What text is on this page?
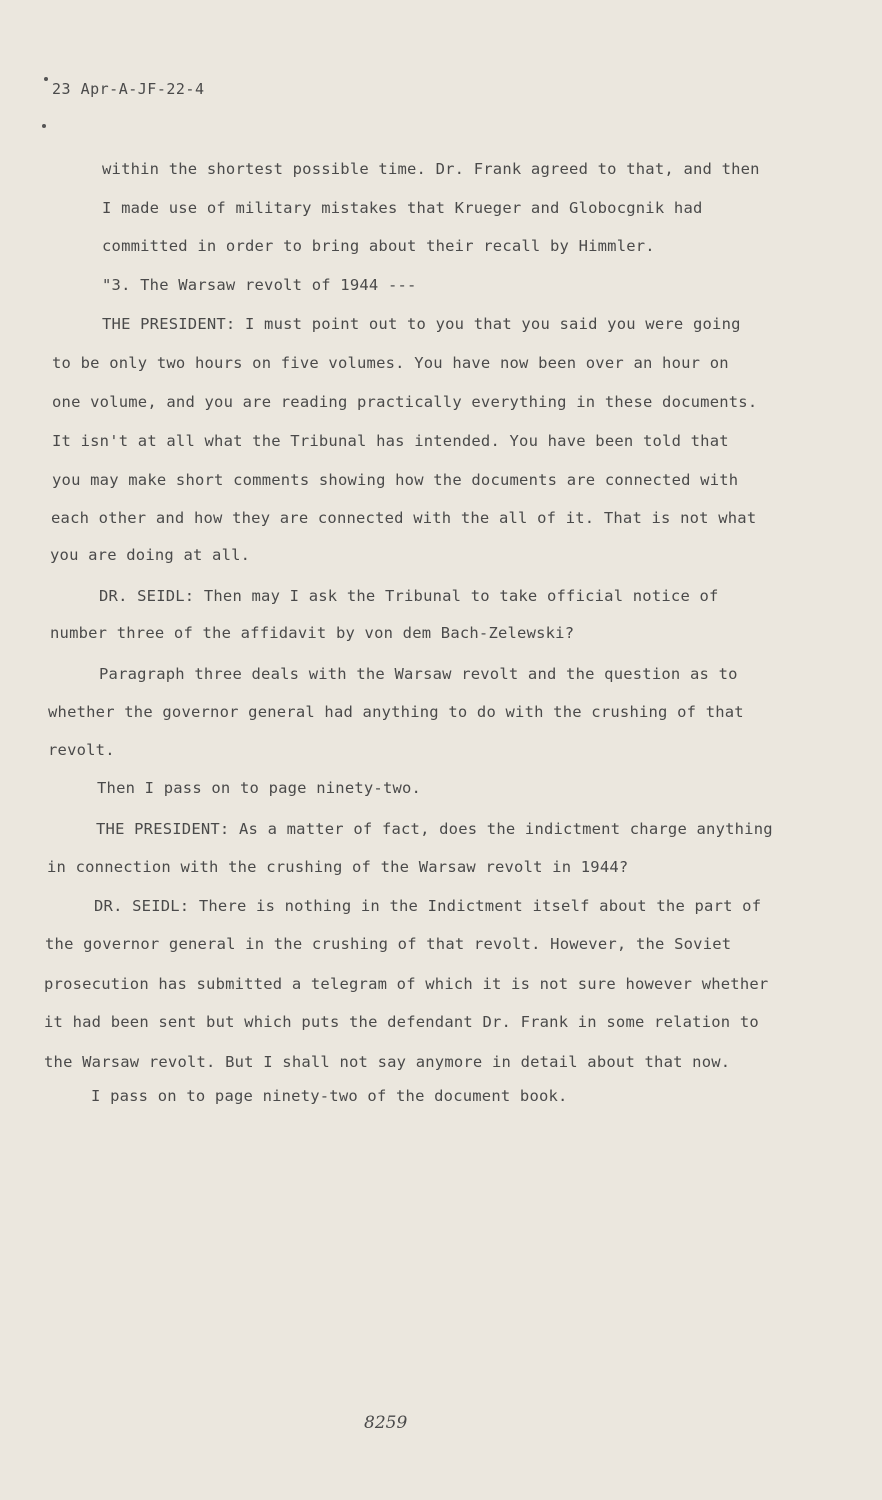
23 Apr-A-JF-22-4
within the shortest possible time. Dr. Frank agreed to that, and then
I made use of military mistakes that Krueger and Globocgnik had
committed in order to bring about their recall by Himmler.
"3. The Warsaw revolt of 1944 ---
THE PRESIDENT: I must point out to you that you said you were going
to be only two hours on five volumes. You have now been over an hour on
one volume, and you are reading practically everything in these documents.
It isn't at all what the Tribunal has intended. You have been told that
you may make short comments showing how the documents are connected with
each other and how they are connected with the all of it. That is not what
you are doing at all.
DR. SEIDL: Then may I ask the Tribunal to take official notice of
number three of the affidavit by von dem Bach-Zelewski?
Paragraph three deals with the Warsaw revolt and the question as to
whether the governor general had anything to do with the crushing of that
revolt.
Then I pass on to page ninety-two.
THE PRESIDENT: As a matter of fact, does the indictment charge anything
in connection with the crushing of the Warsaw revolt in 1944?
DR. SEIDL: There is nothing in the Indictment itself about the part of
the governor general in the crushing of that revolt. However, the Soviet
prosecution has submitted a telegram of which it is not sure however whether
it had been sent but which puts the defendant Dr. Frank in some relation to
the Warsaw revolt. But I shall not say anymore in detail about that now.
I pass on to page ninety-two of the document book.
8259
